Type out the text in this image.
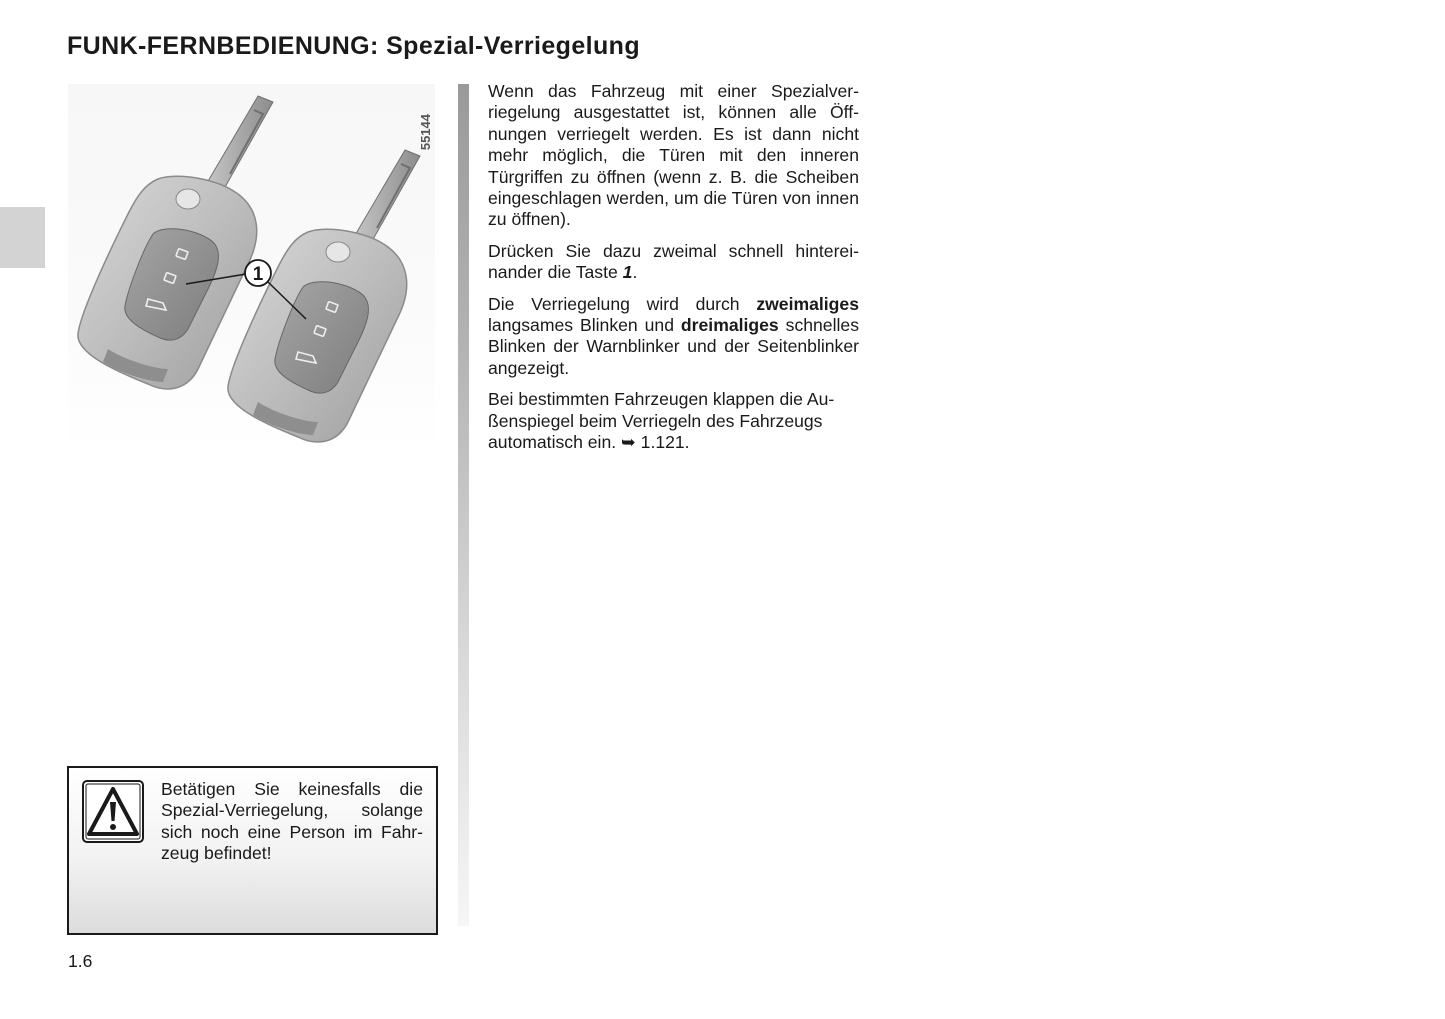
FUNK-FERNBEDIENUNG: Spezial-Verriegelung
1
55144

Wenn das Fahrzeug mit einer Spezialverriegelung ausgestattet ist, können alle Öffnungen verriegelt werden. Es ist dann nicht mehr möglich, die Türen mit den inneren Türgriffen zu öffnen (wenn z. B. die Scheiben eingeschlagen werden, um die Türen von innen zu öffnen).

Drücken Sie dazu zweimal schnell hintereinander die Taste 1.

Die Verriegelung wird durch zweimaliges langsames Blinken und dreimaliges schnelles Blinken der Warnblinker und der Seitenblinker angezeigt.

Bei bestimmten Fahrzeugen klappen die Außenspiegel beim Verriegeln des Fahrzeugs automatisch ein. ➥ 1.121.

Betätigen Sie keinesfalls die Spezial-Verriegelung, solange sich noch eine Person im Fahrzeug befindet!

1.6
